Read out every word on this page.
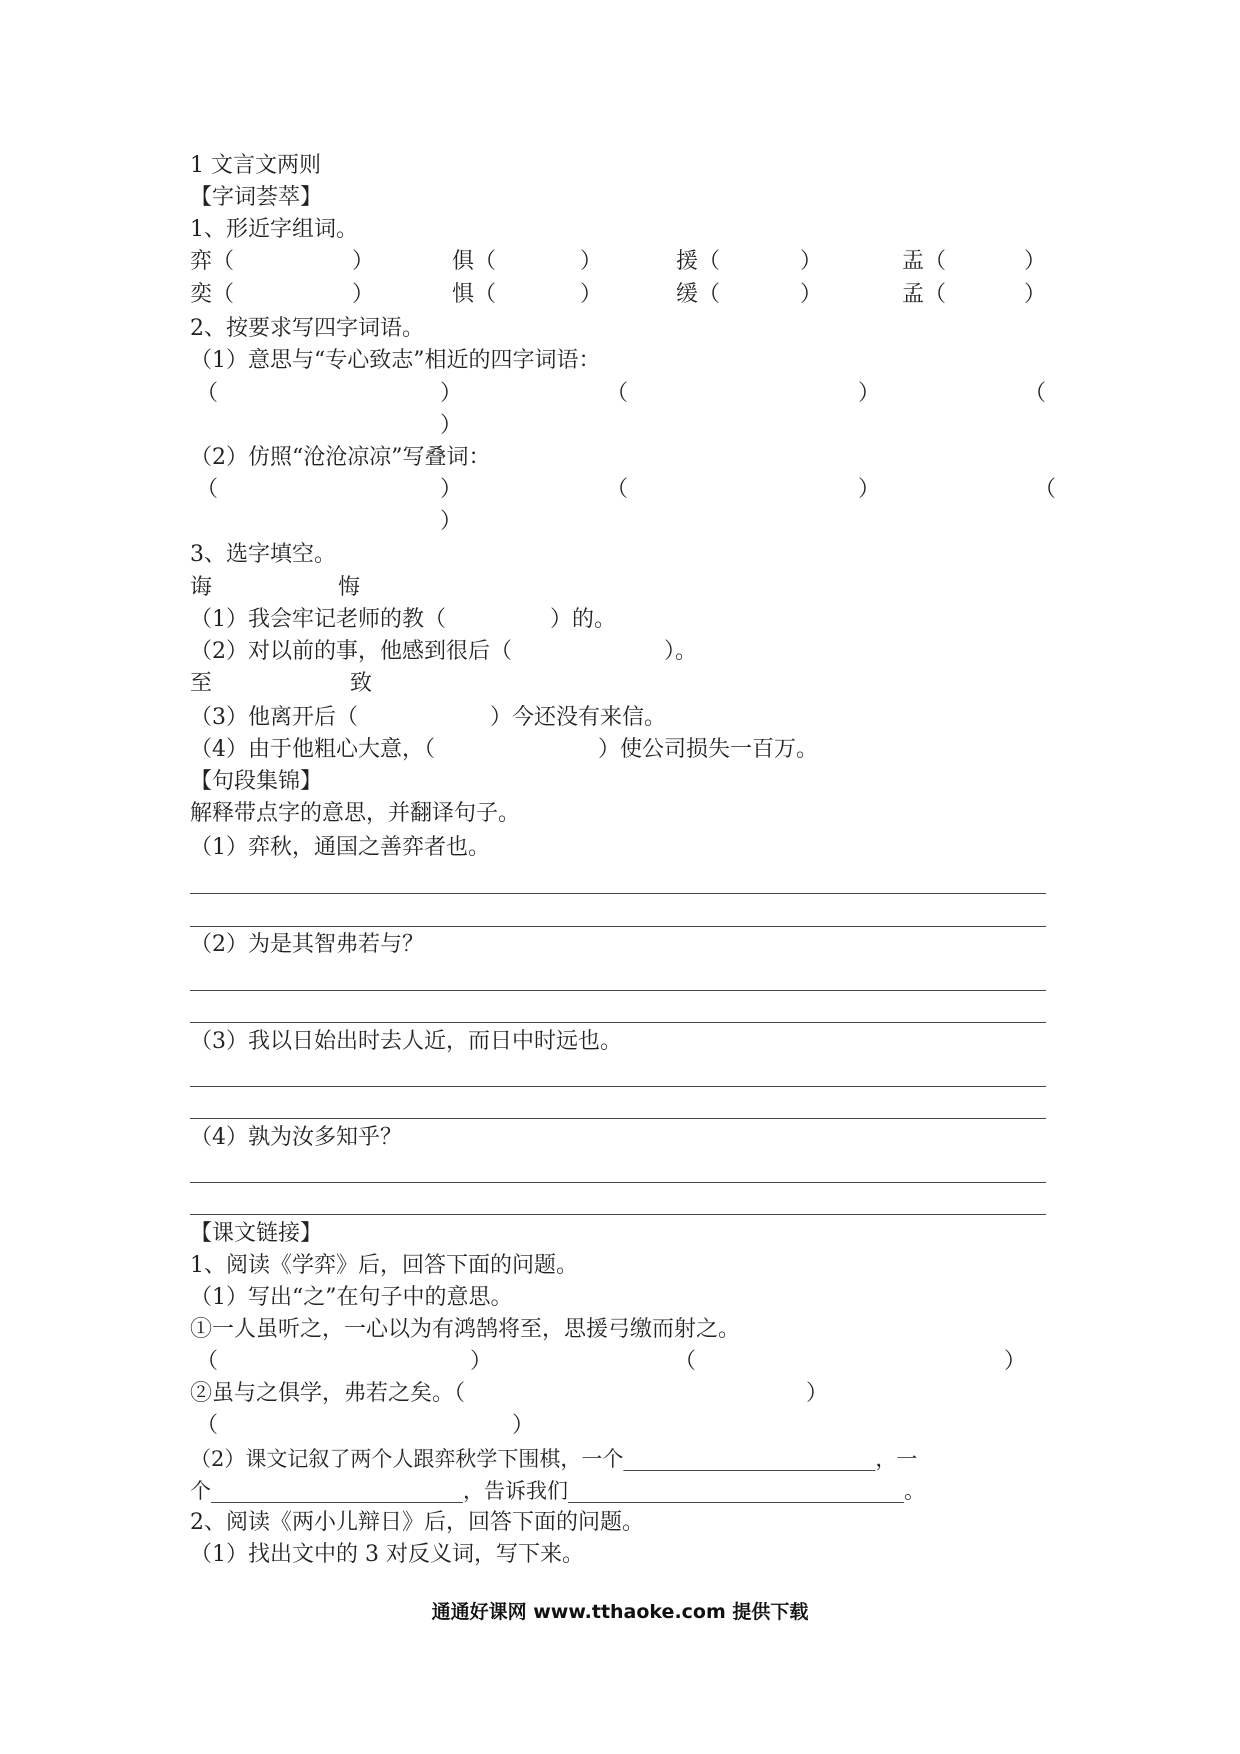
1 文言文两则
【字词荟萃】
1、形近字组词。
弈（	）	俱（	）	援（	）	盂（	）
奕（	）	惧（	）	缓（	）	孟（	）
2、按要求写四字词语。
（1）意思与“专心致志”相近的四字词语：
（	）	（	）	（
）
（2）仿照“沧沧凉凉”写叠词：
（	）	（	）	（
）
3、选字填空。
诲	悔
（1）我会牢记老师的教（	）的。
（2）对以前的事，他感到很后（	）。
至	致
（3）他离开后（	）今还没有来信。
（4）由于他粗心大意，（	）使公司损失一百万。
【句段集锦】
解释带点字的意思，并翻译句子。
（1）弈秋，通国之善弈者也。
（2）为是其智弗若与？
（3）我以日始出时去人近，而日中时远也。
（4）孰为汝多知乎？
【课文链接】
1、阅读《学弈》后，回答下面的问题。
（1）写出“之”在句子中的意思。
①一人虽听之，一心以为有鸿鹄将至，思援弓缴而射之。
（	）	（	）
②虽与之俱学，弗若之矣。（	）
（	）
（2）课文记叙了两个人跟弈秋学下围棋，一个________________________，一
个________________________，告诉我们________________________________。
2、阅读《两小儿辩日》后，回答下面的问题。
（1）找出文中的 3 对反义词，写下来。
通通好课网 www.tthaoke.com 提供下载
